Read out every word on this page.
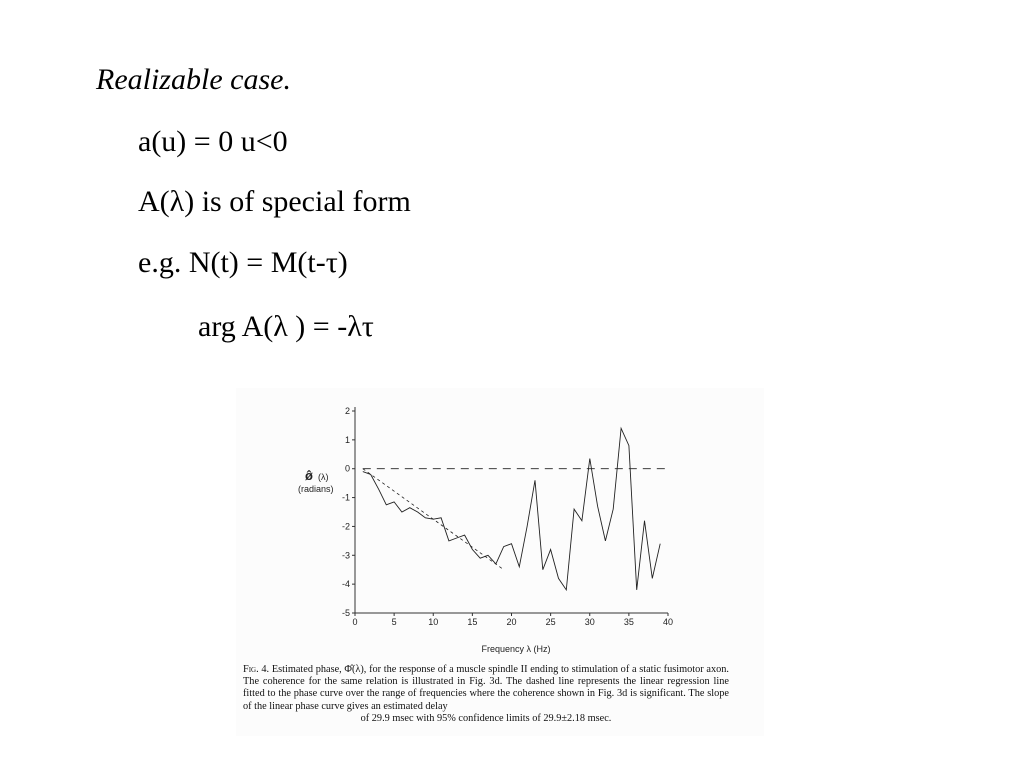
Realizable case.
a(u) = 0 u<0
A(λ) is of special form
e.g. N(t) = M(t-τ)
arg A(λ ) = -λτ
0	5	10	15	20	25	30	35	40
2
1
0
-1
-2
-3
-4
-5
ø̂ (λ)
(radians)
Frequency λ (Hz)
Fig. 4. Estimated phase, Φ̂(λ), for the response of a muscle spindle II ending to stimulation of a static fusimotor axon. The coherence for the same relation is illustrated in Fig. 3d. The dashed line represents the linear regression line fitted to the phase curve over the range of frequencies where the coherence shown in Fig. 3d is significant. The slope of the linear phase curve gives an estimated delay
of 29.9 msec with 95% confidence limits of 29.9±2.18 msec.
